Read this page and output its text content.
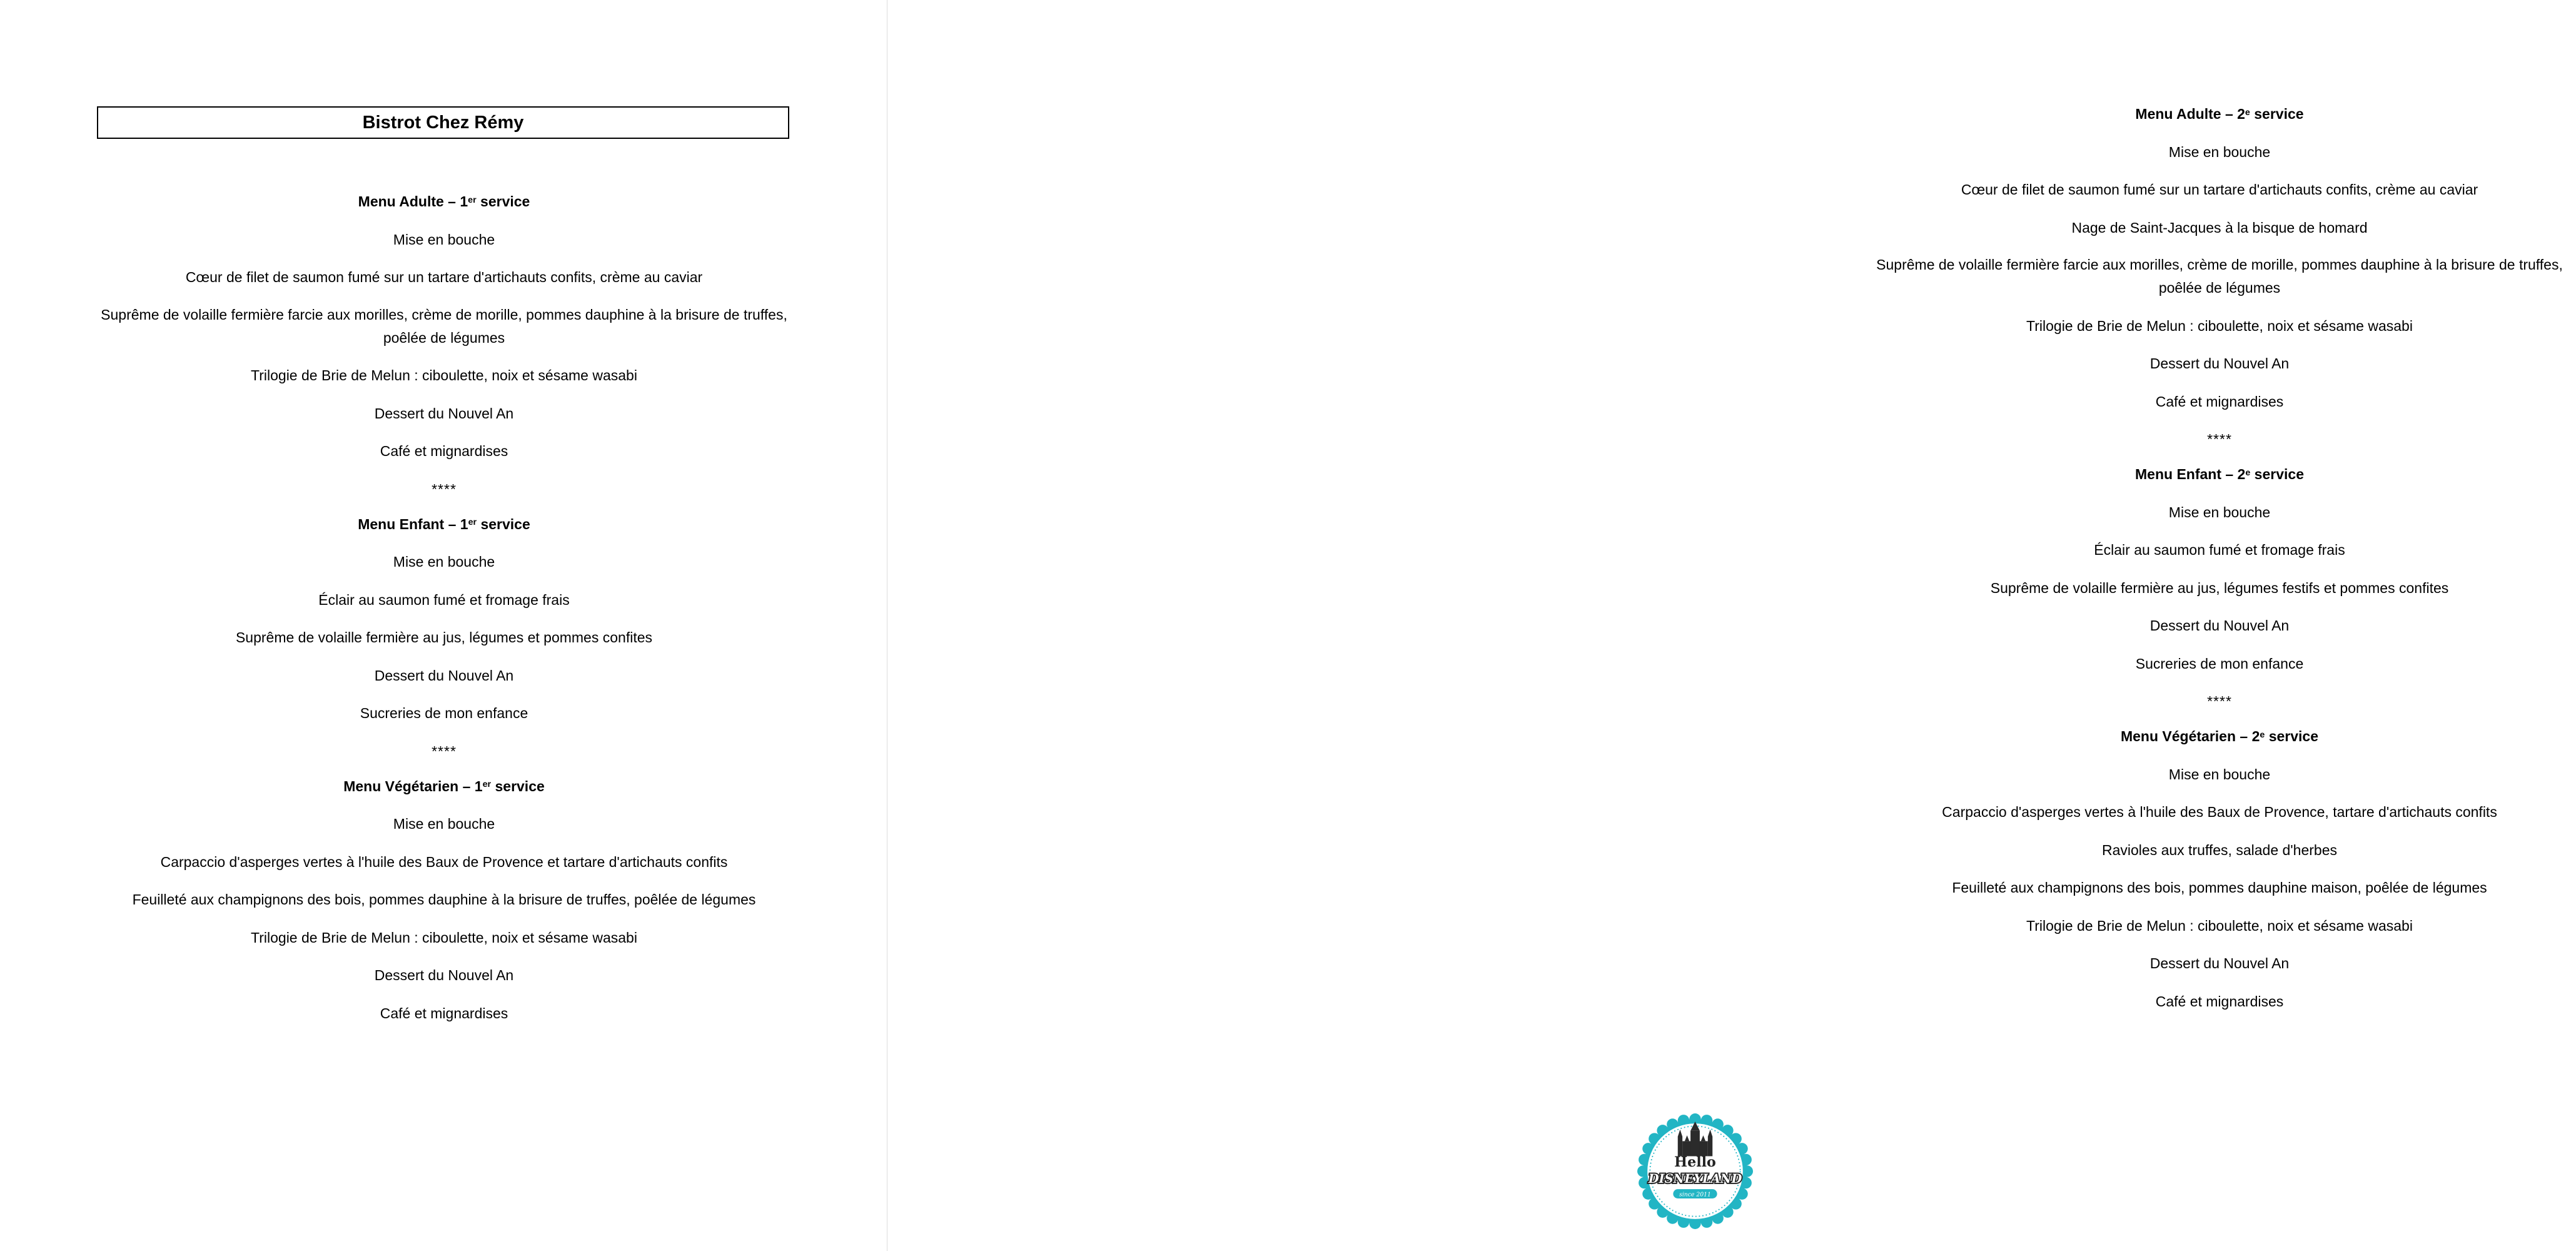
Bistrot Chez Rémy
Menu Adulte – 1er service
Mise en bouche
Cœur de filet de saumon fumé sur un tartare d'artichauts confits, crème au caviar
Suprême de volaille fermière farcie aux morilles, crème de morille, pommes dauphine à la brisure de truffes, poêlée de légumes
Trilogie de Brie de Melun : ciboulette, noix et sésame wasabi
Dessert du Nouvel An
Café et mignardises
****
Menu Enfant – 1er service
Mise en bouche
Éclair au saumon fumé et fromage frais
Suprême de volaille fermière au jus, légumes et pommes confites
Dessert du Nouvel An
Sucreries de mon enfance
****
Menu Végétarien – 1er service
Mise en bouche
Carpaccio d'asperges vertes à l'huile des Baux de Provence et tartare d'artichauts confits
Feuilleté aux champignons des bois, pommes dauphine à la brisure de truffes, poêlée de légumes
Trilogie de Brie de Melun : ciboulette, noix et sésame wasabi
Dessert du Nouvel An
Café et mignardises
Menu Adulte – 2e service
Mise en bouche
Cœur de filet de saumon fumé sur un tartare d'artichauts confits, crème au caviar
Nage de Saint-Jacques à la bisque de homard
Suprême de volaille fermière farcie aux morilles, crème de morille, pommes dauphine à la brisure de truffes, poêlée de légumes
Trilogie de Brie de Melun : ciboulette, noix et sésame wasabi
Dessert du Nouvel An
Café et mignardises
****
Menu Enfant – 2e service
Mise en bouche
Éclair au saumon fumé et fromage frais
Suprême de volaille fermière au jus, légumes festifs et pommes confites
Dessert du Nouvel An
Sucreries de mon enfance
****
Menu Végétarien – 2e service
Mise en bouche
Carpaccio d'asperges vertes à l'huile des Baux de Provence, tartare d'artichauts confits
Ravioles aux truffes, salade d'herbes
Feuilleté aux champignons des bois, pommes dauphine maison, poêlée de légumes
Trilogie de Brie de Melun : ciboulette, noix et sésame wasabi
Dessert du Nouvel An
Café et mignardises
Hello
DISNEYLAND
since 2011
